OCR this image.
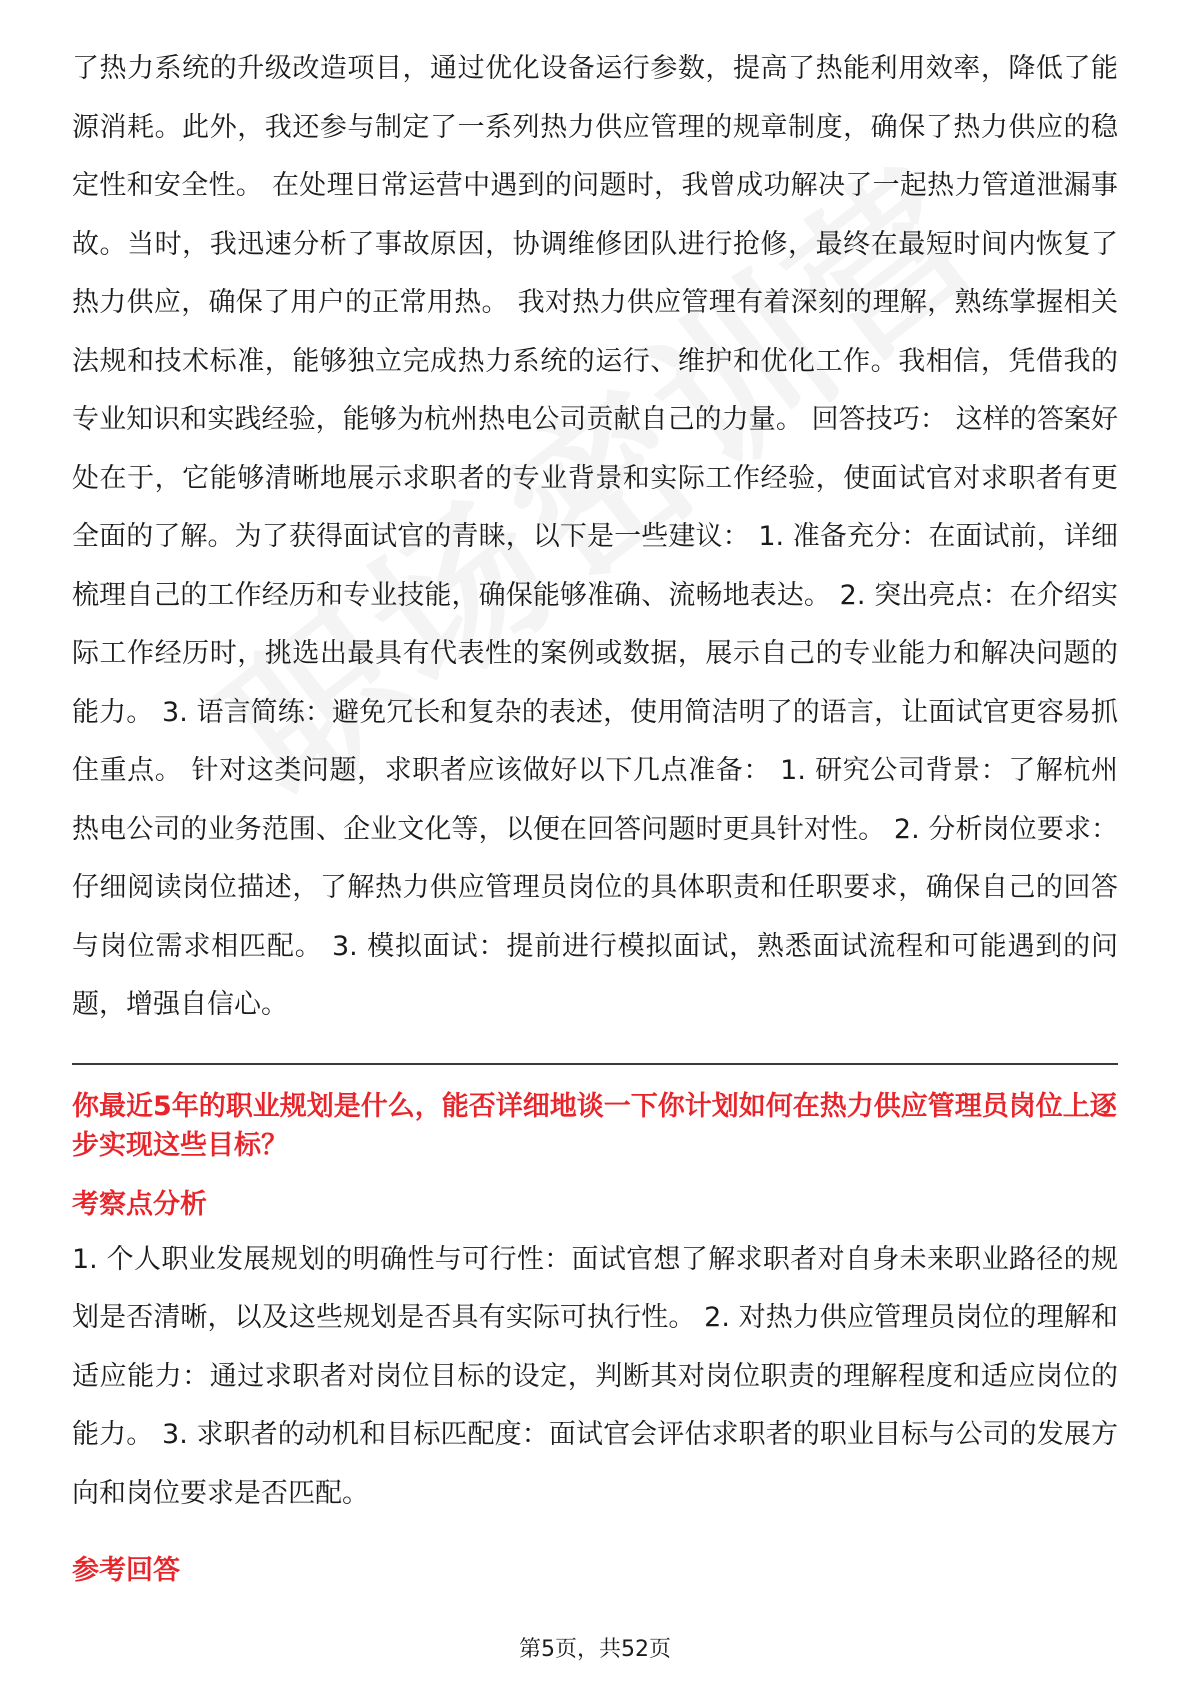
了热力系统的升级改造项目，通过优化设备运行参数，提高了热能利用效率，降低了能源消耗。此外，我还参与制定了一系列热力供应管理的规章制度，确保了热力供应的稳定性和安全性。 在处理日常运营中遇到的问题时，我曾成功解决了一起热力管道泄漏事故。当时，我迅速分析了事故原因，协调维修团队进行抢修，最终在最短时间内恢复了热力供应，确保了用户的正常用热。 我对热力供应管理有着深刻的理解，熟练掌握相关法规和技术标准，能够独立完成热力系统的运行、维护和优化工作。我相信，凭借我的专业知识和实践经验，能够为杭州热电公司贡献自己的力量。 回答技巧： 这样的答案好处在于，它能够清晰地展示求职者的专业背景和实际工作经验，使面试官对求职者有更全面的了解。为了获得面试官的青睐，以下是一些建议： 1. 准备充分：在面试前，详细梳理自己的工作经历和专业技能，确保能够准确、流畅地表达。 2. 突出亮点：在介绍实际工作经历时，挑选出最具有代表性的案例或数据，展示自己的专业能力和解决问题的能力。 3. 语言简练：避免冗长和复杂的表述，使用简洁明了的语言，让面试官更容易抓住重点。 针对这类问题，求职者应该做好以下几点准备： 1. 研究公司背景：了解杭州热电公司的业务范围、企业文化等，以便在回答问题时更具针对性。 2. 分析岗位要求：仔细阅读岗位描述，了解热力供应管理员岗位的具体职责和任职要求，确保自己的回答与岗位需求相匹配。 3. 模拟面试：提前进行模拟面试，熟悉面试流程和可能遇到的问题，增强自信心。

你最近5年的职业规划是什么，能否详细地谈一下你计划如何在热力供应管理员岗位上逐步实现这些目标？

考察点分析

1. 个人职业发展规划的明确性与可行性：面试官想了解求职者对自身未来职业路径的规划是否清晰，以及这些规划是否具有实际可执行性。 2. 对热力供应管理员岗位的理解和适应能力：通过求职者对岗位目标的设定，判断其对岗位职责的理解程度和适应岗位的能力。 3. 求职者的动机和目标匹配度：面试官会评估求职者的职业目标与公司的发展方向和岗位要求是否匹配。

参考回答
第5页，共52页
